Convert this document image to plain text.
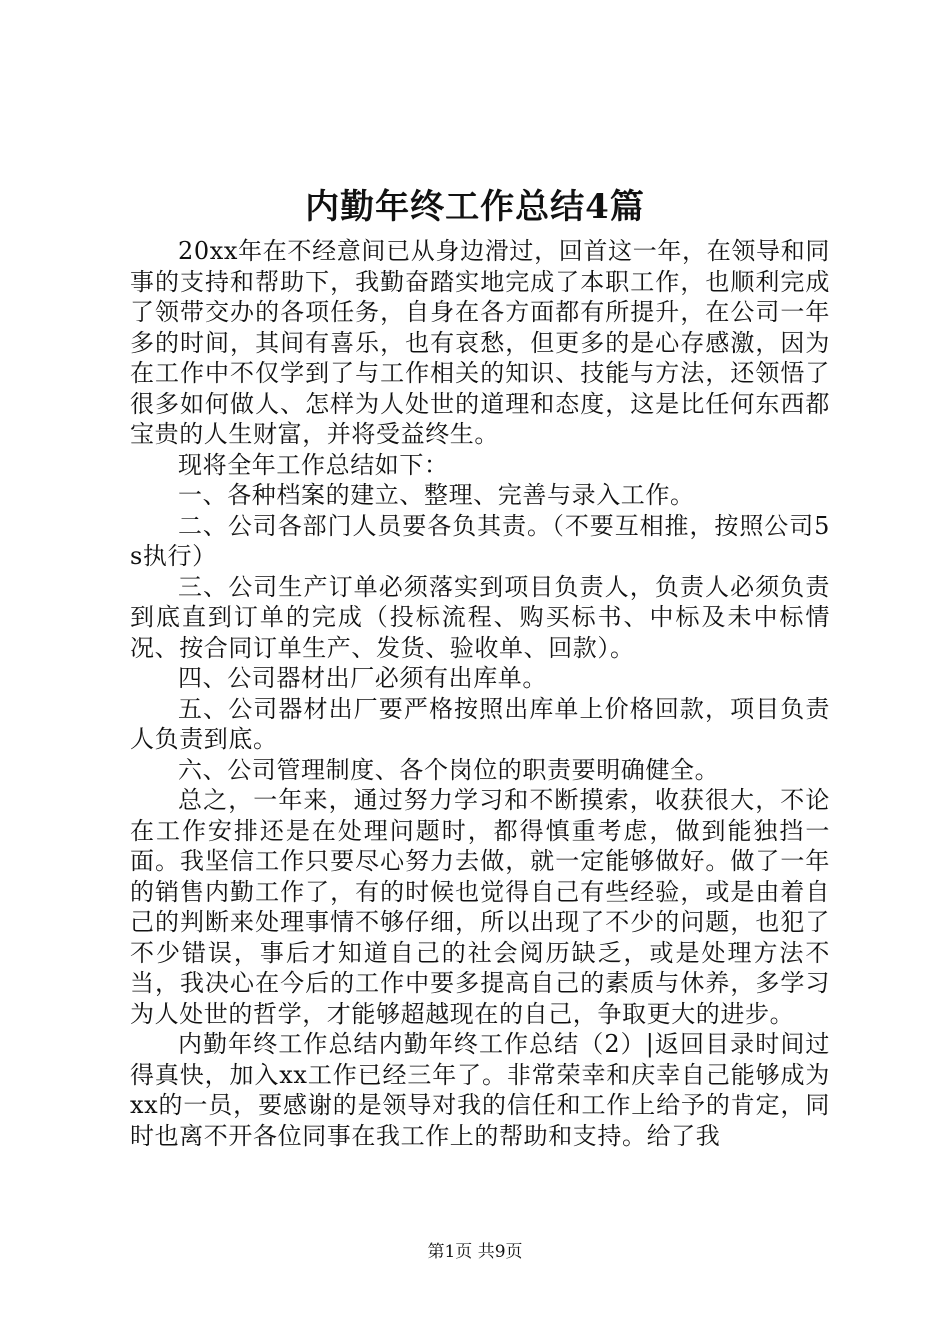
内勤年终工作总结4篇

20xx年在不经意间已从身边滑过，回首这一年，在领导和同事的支持和帮助下，我勤奋踏实地完成了本职工作，也顺利完成了领带交办的各项任务，自身在各方面都有所提升，在公司一年多的时间，其间有喜乐，也有哀愁，但更多的是心存感激，因为在工作中不仅学到了与工作相关的知识、技能与方法，还领悟了很多如何做人、怎样为人处世的道理和态度，这是比任何东西都宝贵的人生财富，并将受益终生。

现将全年工作总结如下：

一、各种档案的建立、整理、完善与录入工作。

二、公司各部门人员要各负其责。（不要互相推，按照公司5s执行）

三、公司生产订单必须落实到项目负责人，负责人必须负责到底直到订单的完成（投标流程、购买标书、中标及未中标情况、按合同订单生产、发货、验收单、回款）。

四、公司器材出厂必须有出库单。

五、公司器材出厂要严格按照出库单上价格回款，项目负责人负责到底。

六、公司管理制度、各个岗位的职责要明确健全。

总之，一年来，通过努力学习和不断摸索，收获很大，不论在工作安排还是在处理问题时，都得慎重考虑，做到能独挡一面。我坚信工作只要尽心努力去做，就一定能够做好。做了一年的销售内勤工作了，有的时候也觉得自己有些经验，或是由着自己的判断来处理事情不够仔细，所以出现了不少的问题，也犯了不少错误，事后才知道自己的社会阅历缺乏，或是处理方法不当，我决心在今后的工作中要多提高自己的素质与休养，多学习为人处世的哲学，才能够超越现在的自己，争取更大的进步。

内勤年终工作总结内勤年终工作总结（2）|返回目录时间过得真快，加入xx工作已经三年了。非常荣幸和庆幸自己能够成为xx的一员，要感谢的是领导对我的信任和工作上给予的肯定，同时也离不开各位同事在我工作上的帮助和支持。给了我

第1页 共9页
